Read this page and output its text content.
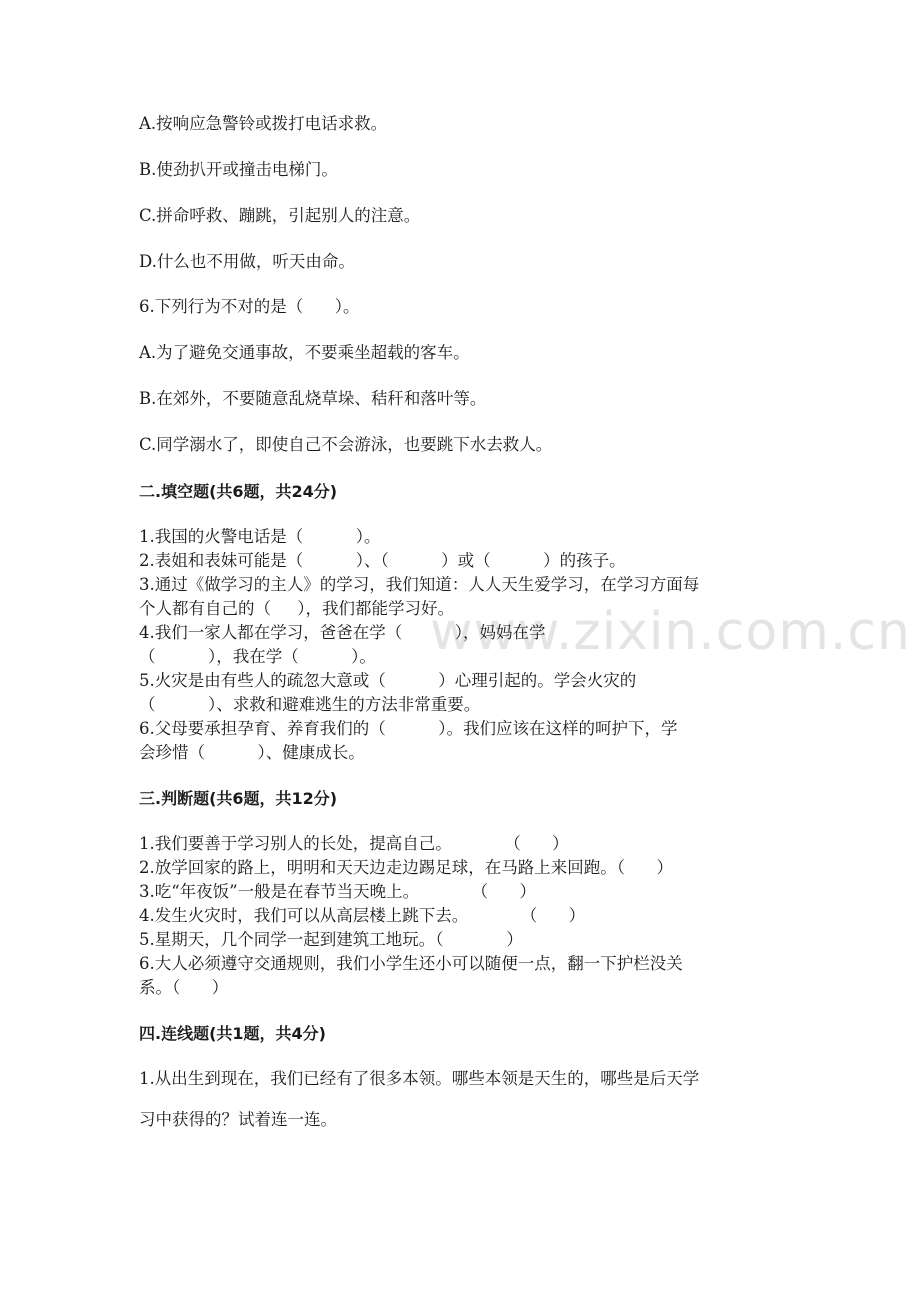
www.zixin.com.cn
A.按响应急警铃或拨打电话求救。
B.使劲扒开或撞击电梯门。
C.拼命呼救、蹦跳，引起别人的注意。
D.什么也不用做，听天由命。
6.下列行为不对的是（      ）。
A.为了避免交通事故，不要乘坐超载的客车。
B.在郊外，不要随意乱烧草垛、秸秆和落叶等。
C.同学溺水了，即使自己不会游泳，也要跳下水去救人。
二.填空题(共6题，共24分)
1.我国的火警电话是（          ）。
2.表姐和表妹可能是（          ）、（          ）或（          ）的孩子。
3.通过《做学习的主人》的学习，我们知道：人人天生爱学习，在学习方面每
个人都有自己的（     ），我们都能学习好。
4.我们一家人都在学习，爸爸在学（          ），妈妈在学
（          ），我在学（          ）。
5.火灾是由有些人的疏忽大意或（          ）心理引起的。学会火灾的
（          ）、求救和避难逃生的方法非常重要。
6.父母要承担孕育、养育我们的（          ）。我们应该在这样的呵护下，学
会珍惜（          ）、健康成长。
三.判断题(共6题，共12分)
1.我们要善于学习别人的长处，提高自己。          （      ）
2.放学回家的路上，明明和天天边走边踢足球，在马路上来回跑。（      ）
3.吃“年夜饭”一般是在春节当天晚上。          （      ）
4.发生火灾时，我们可以从高层楼上跳下去。          （      ）
5.星期天，几个同学一起到建筑工地玩。（            ）
6.大人必须遵守交通规则，我们小学生还小可以随便一点，翻一下护栏没关
系。（      ）
四.连线题(共1题，共4分)
1.从出生到现在，我们已经有了很多本领。哪些本领是天生的，哪些是后天学
习中获得的？试着连一连。
